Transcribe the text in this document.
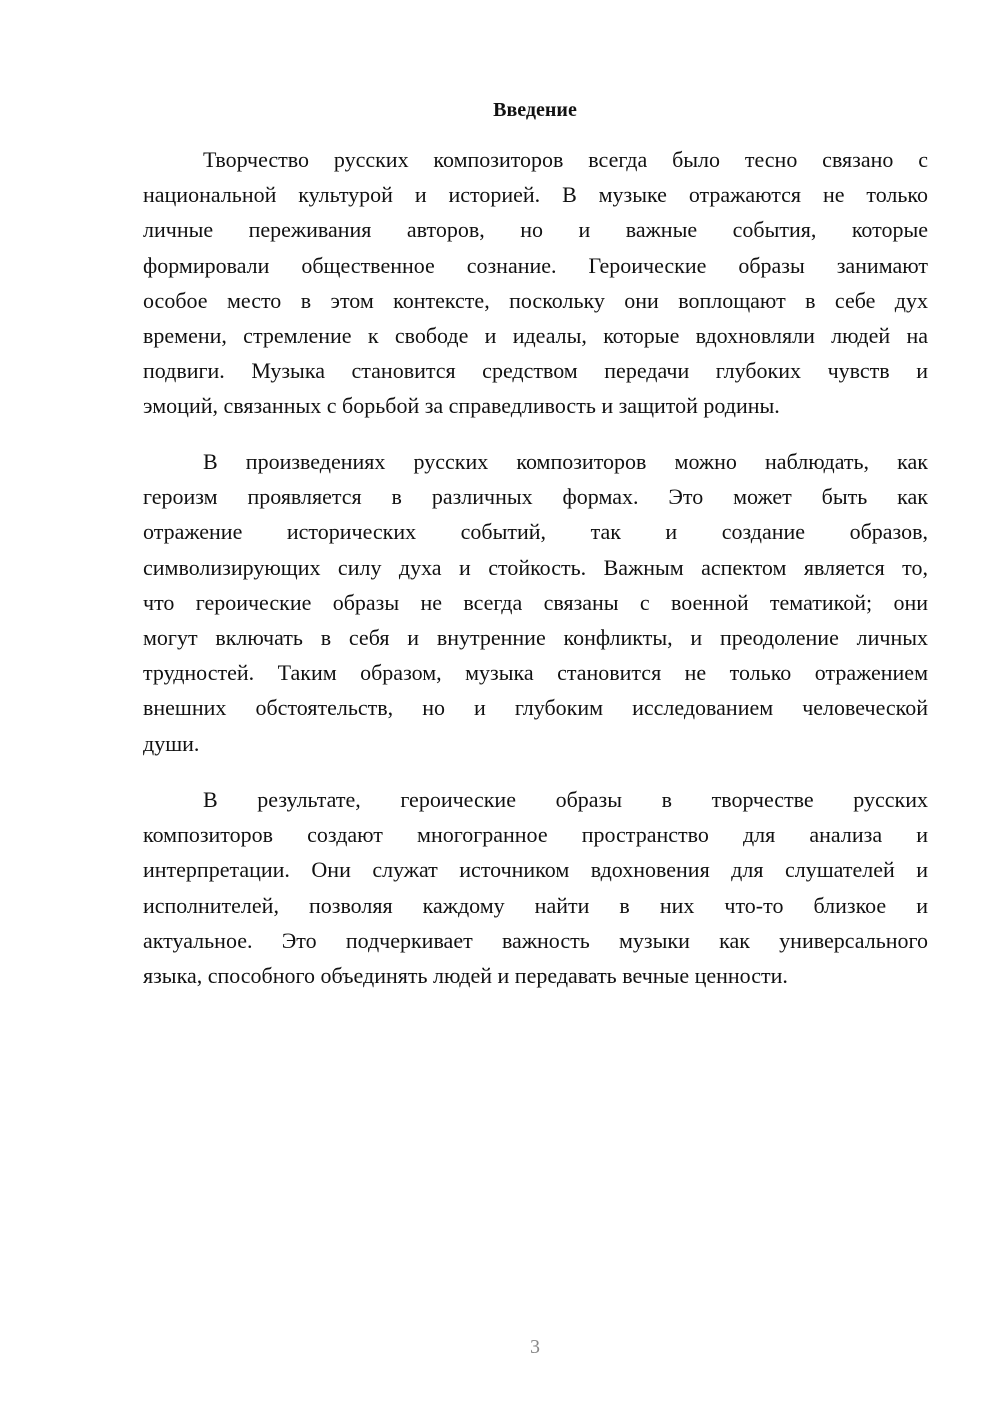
Введение
Творчество русских композиторов всегда было тесно связано с
национальной культурой и историей. В музыке отражаются не только
личные переживания авторов, но и важные события, которые
формировали общественное сознание. Героические образы занимают
особое место в этом контексте, поскольку они воплощают в себе дух
времени, стремление к свободе и идеалы, которые вдохновляли людей на
подвиги. Музыка становится средством передачи глубоких чувств и
эмоций, связанных с борьбой за справедливость и защитой родины.
В произведениях русских композиторов можно наблюдать, как
героизм проявляется в различных формах. Это может быть как
отражение исторических событий, так и создание образов,
символизирующих силу духа и стойкость. Важным аспектом является то,
что героические образы не всегда связаны с военной тематикой; они
могут включать в себя и внутренние конфликты, и преодоление личных
трудностей. Таким образом, музыка становится не только отражением
внешних обстоятельств, но и глубоким исследованием человеческой
души.
В результате, героические образы в творчестве русских
композиторов создают многогранное пространство для анализа и
интерпретации. Они служат источником вдохновения для слушателей и
исполнителей, позволяя каждому найти в них что-то близкое и
актуальное. Это подчеркивает важность музыки как универсального
языка, способного объединять людей и передавать вечные ценности.
3
